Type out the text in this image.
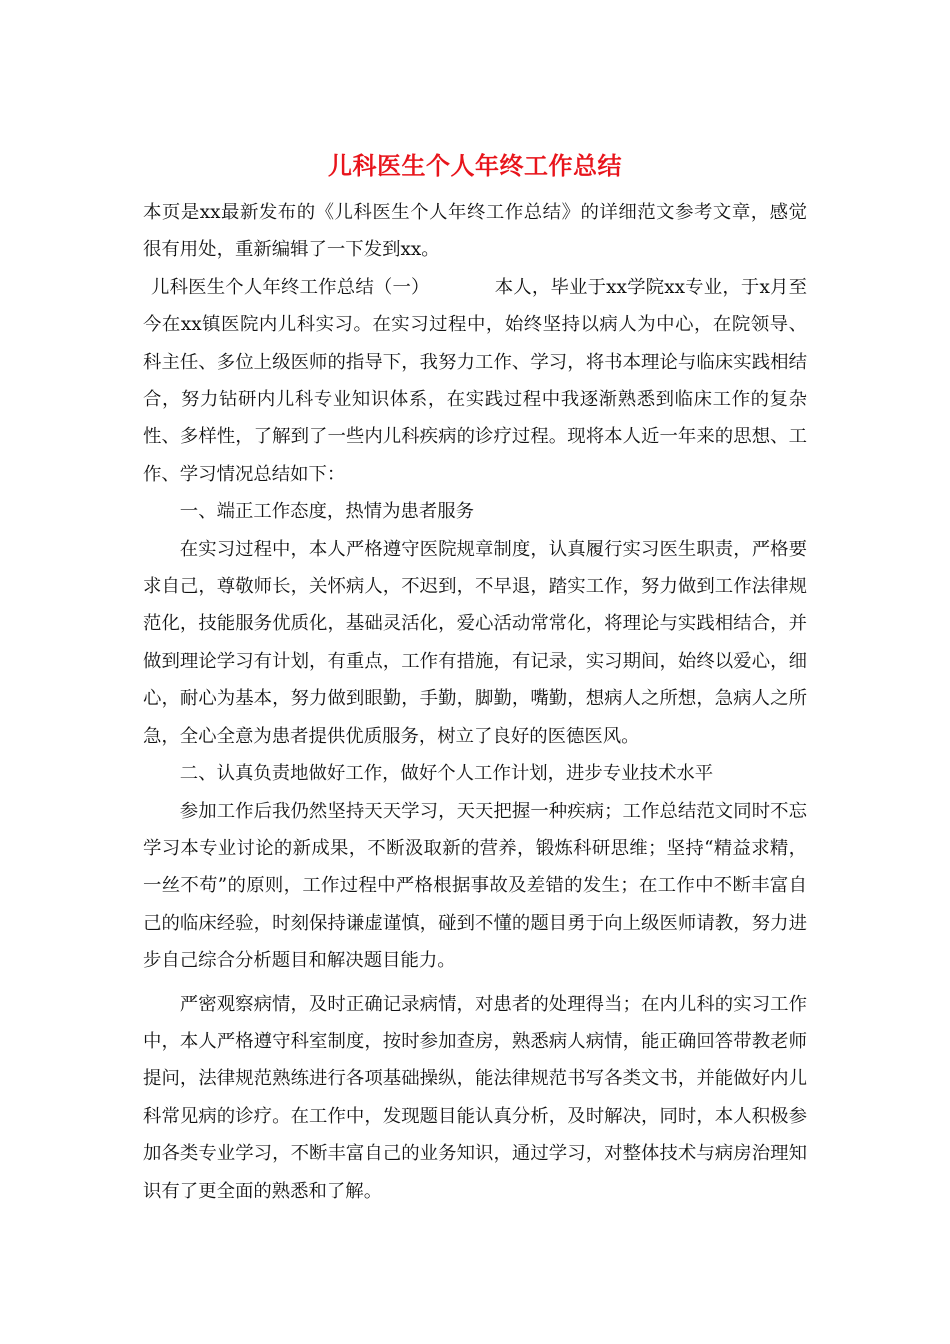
儿科医生个人年终工作总结

本页是xx最新发布的《儿科医生个人年终工作总结》的详细范文参考文章，感觉很有用处，重新编辑了一下发到xx。

儿科医生个人年终工作总结（一）　　　　	本人，毕业于xx学院xx专业，于x月至今在xx镇医院内儿科实习。在实习过程中，始终坚持以病人为中心，在院领导、科主任、多位上级医师的指导下，我努力工作、学习，将书本理论与临床实践相结合，努力钻研内儿科专业知识体系，在实践过程中我逐渐熟悉到临床工作的复杂性、多样性，了解到了一些内儿科疾病的诊疗过程。现将本人近一年来的思想、工作、学习情况总结如下：

一、端正工作态度，热情为患者服务

在实习过程中，本人严格遵守医院规章制度，认真履行实习医生职责，严格要求自己，尊敬师长，关怀病人，不迟到，不早退，踏实工作，努力做到工作法律规范化，技能服务优质化，基础灵活化，爱心活动常常化，将理论与实践相结合，并做到理论学习有计划，有重点，工作有措施，有记录，实习期间，始终以爱心，细心，耐心为基本，努力做到眼勤，手勤，脚勤，嘴勤，想病人之所想，急病人之所急，全心全意为患者提供优质服务，树立了良好的医德医风。

二、认真负责地做好工作，做好个人工作计划，进步专业技术水平

参加工作后我仍然坚持天天学习，天天把握一种疾病；工作总结范文同时不忘学习本专业讨论的新成果，不断汲取新的营养，锻炼科研思维；坚持“精益求精，一丝不苟”的原则，工作过程中严格根据事故及差错的发生；在工作中不断丰富自己的临床经验，时刻保持谦虚谨慎，碰到不懂的题目勇于向上级医师请教，努力进步自己综合分析题目和解决题目能力。

严密观察病情，及时正确记录病情，对患者的处理得当；在内儿科的实习工作中，本人严格遵守科室制度，按时参加查房，熟悉病人病情，能正确回答带教老师提问，法律规范熟练进行各项基础操纵，能法律规范书写各类文书，并能做好内儿科常见病的诊疗。在工作中，发现题目能认真分析，及时解决，同时，本人积极参加各类专业学习，不断丰富自己的业务知识，通过学习，对整体技术与病房治理知识有了更全面的熟悉和了解。
